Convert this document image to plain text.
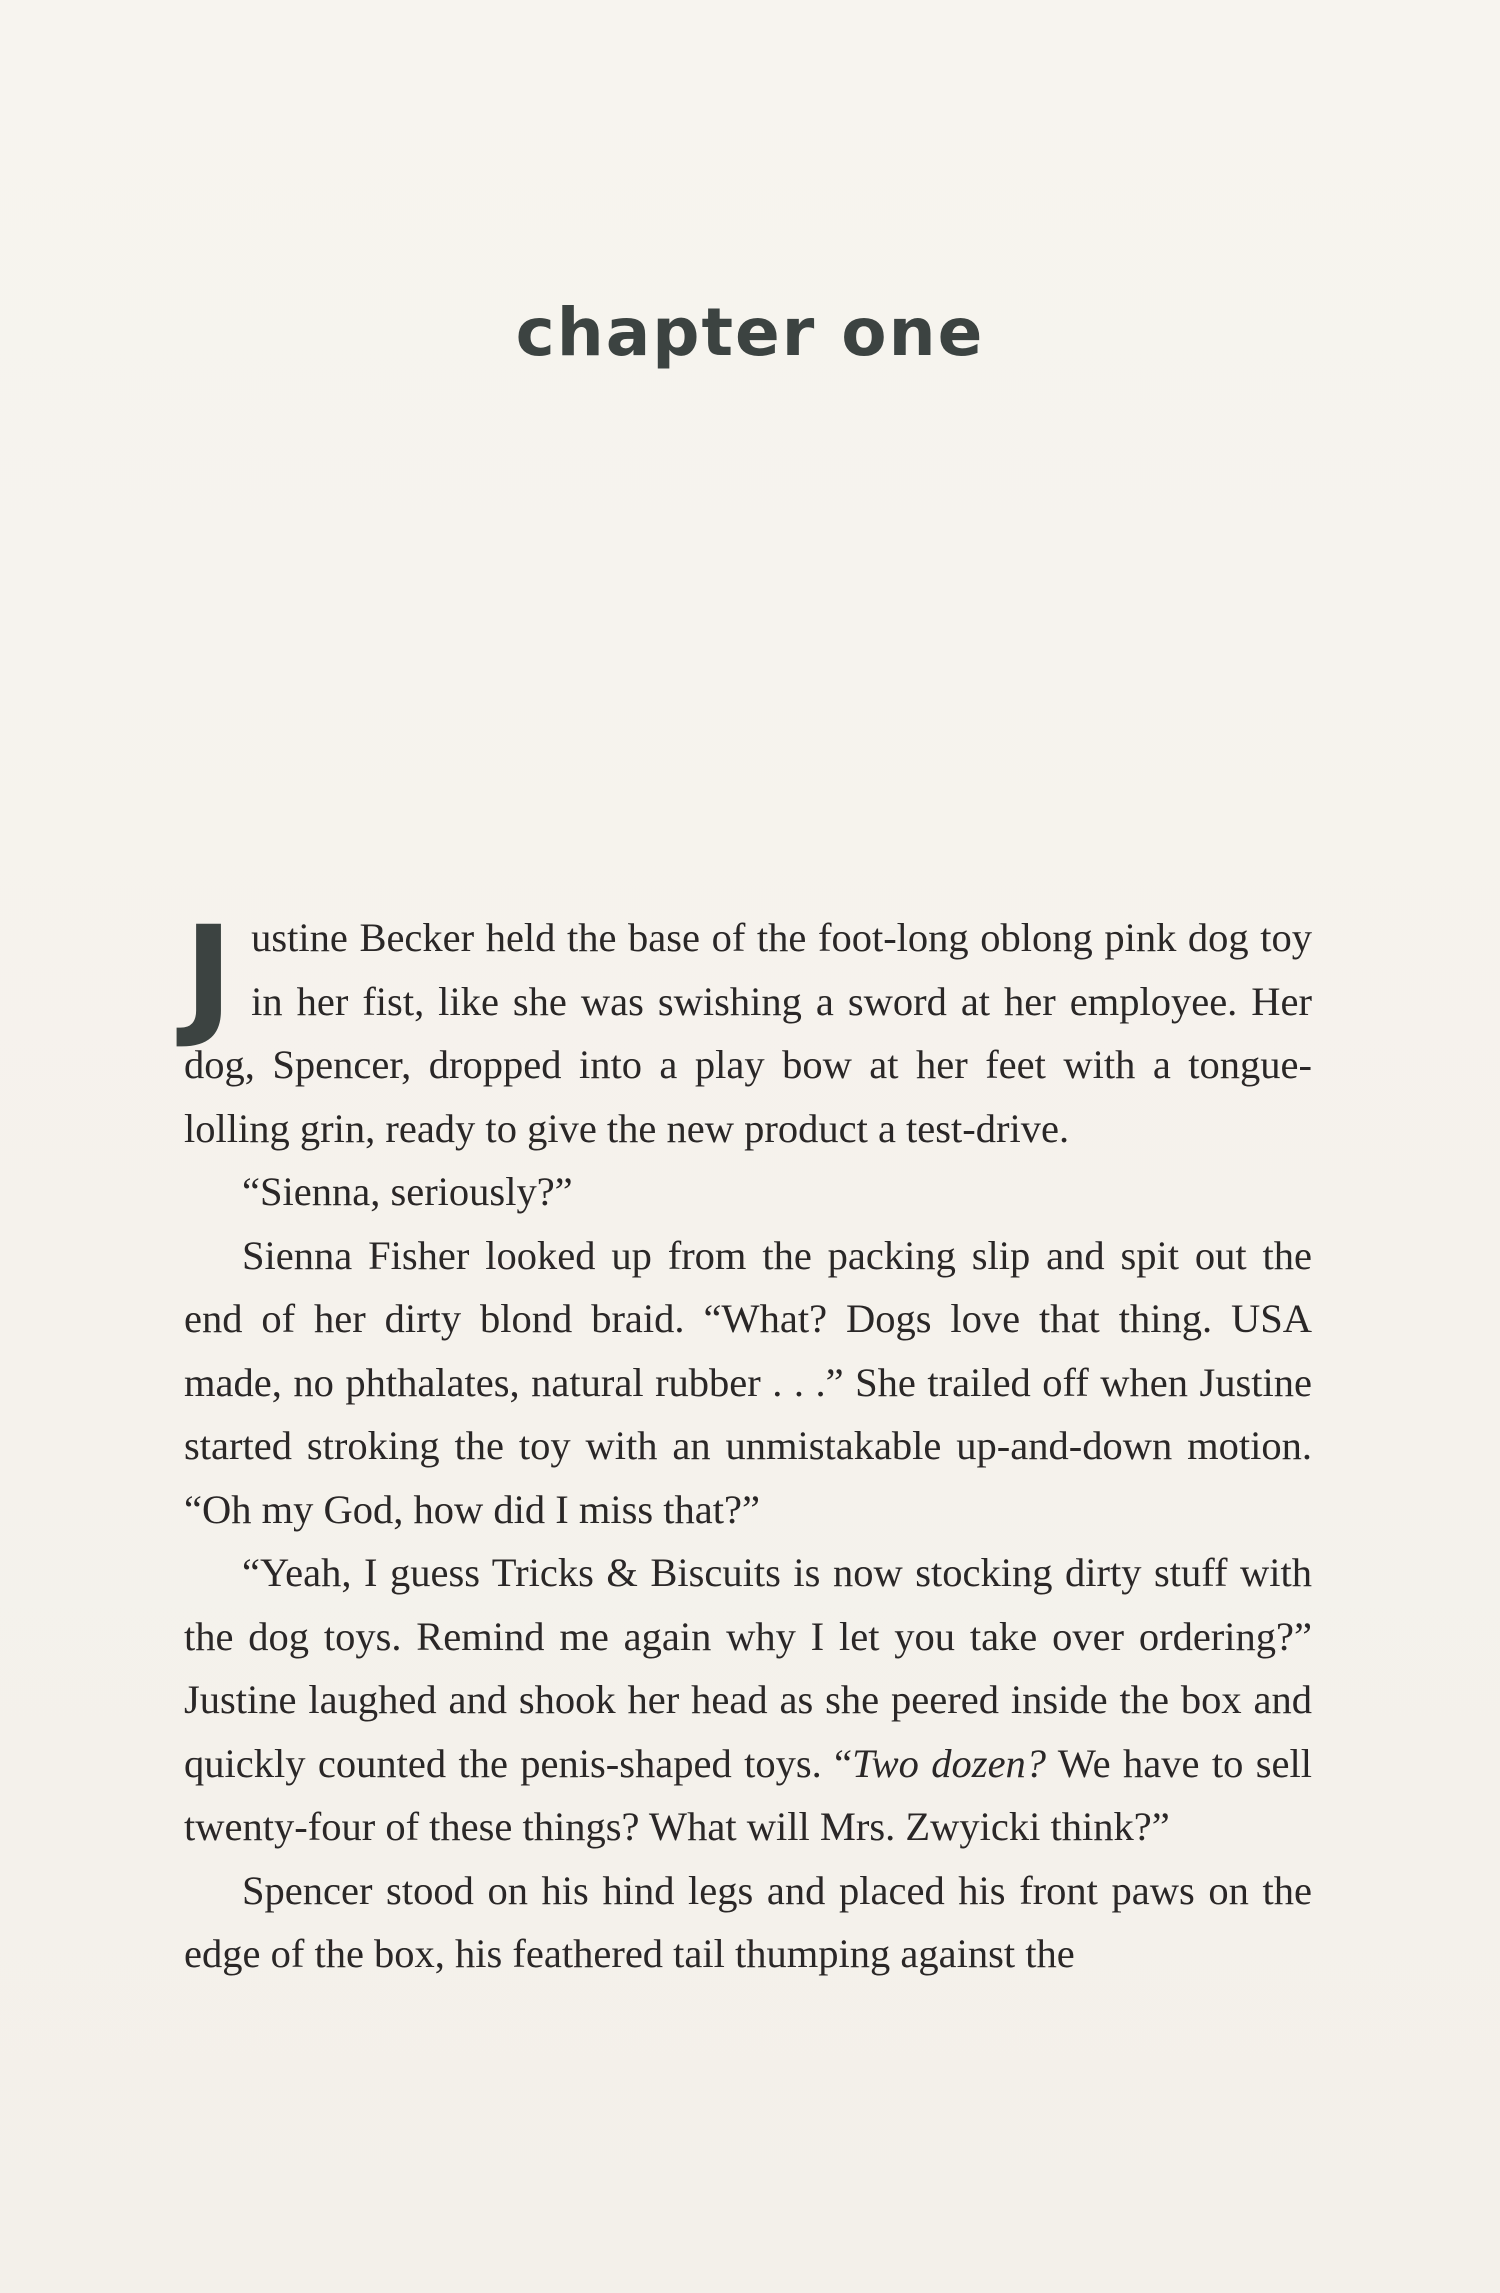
chapter one

J ustine Becker held the base of the foot-long oblong pink dog toy in her fist, like she was swishing a sword at her employee. Her dog, Spencer, dropped into a play bow at her feet with a tongue-lolling grin, ready to give the new product a test-drive.

“Sienna, seriously?”

Sienna Fisher looked up from the packing slip and spit out the end of her dirty blond braid. “What? Dogs love that thing. USA made, no phthalates, natural rubber . . .” She trailed off when Justine started stroking the toy with an unmistakable up-and-down motion. “Oh my God, how did I miss that?”

“Yeah, I guess Tricks & Biscuits is now stocking dirty stuff with the dog toys. Remind me again why I let you take over ordering?” Justine laughed and shook her head as she peered inside the box and quickly counted the penis-shaped toys. “Two dozen? We have to sell twenty-four of these things? What will Mrs. Zwyicki think?”

Spencer stood on his hind legs and placed his front paws on the edge of the box, his feathered tail thumping against the
